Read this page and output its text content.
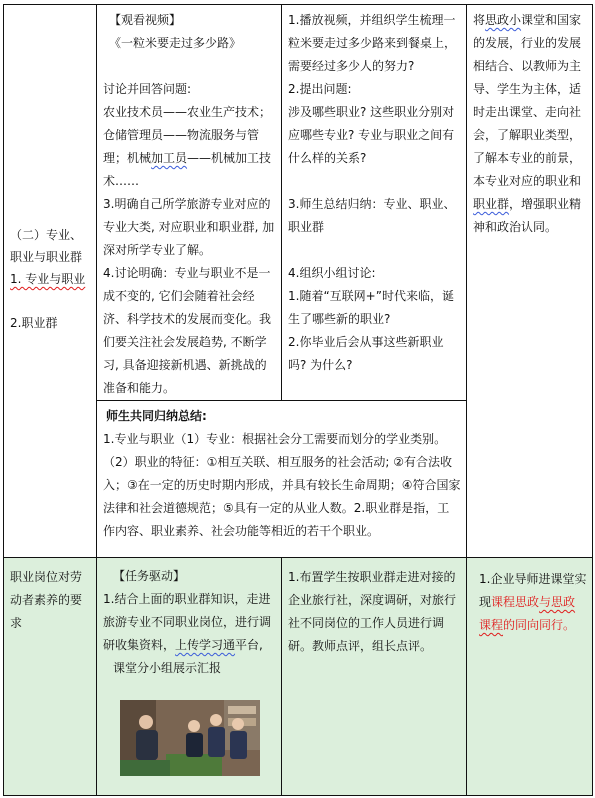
（二）专业、职业与职业群

1. 专业与职业

2.职业群

【观看视频】

《一粒米要走过多少路》

讨论并回答问题:

农业技术员——农业生产技术；仓储管理员——物流服务与管理；机械加工员——机械加工技术……

3.明确自己所学旅游专业对应的专业大类, 对应职业和职业群, 加深对所学专业了解。

4.讨论明确：专业与职业不是一成不变的, 它们会随着社会经济、科学技术的发展而变化。我们要关注社会发展趋势, 不断学习, 具备迎接新机遇、新挑战的准备和能力。

1.播放视频，并组织学生梳理一粒米要走过多少路来到餐桌上，需要经过多少人的努力?

2.提出问题:

涉及哪些职业? 这些职业分别对应哪些专业? 专业与职业之间有什么样的关系?

3.师生总结归纳：专业、职业、职业群

4.组织小组讨论:

1.随着“互联网+”时代来临，诞生了哪些新的职业?

2.你毕业后会从事这些新职业吗? 为什么?

将思政小课堂和国家的发展，行业的发展相结合、以教师为主导、学生为主体，适时走出课堂、走向社会，了解职业类型，了解本专业的前景，本专业对应的职业和职业群，增强职业精神和政治认同。

师生共同归纳总结:

1.专业与职业（1）专业：根据社会分工需要而划分的学业类别。（2）职业的特征：①相互关联、相互服务的社会活动; ②有合法收入；③在一定的历史时期内形成，并具有较长生命周期；④符合国家法律和社会道德规范；⑤具有一定的从业人数。2.职业群是指，工作内容、职业素养、社会功能等相近的若干个职业。

职业岗位对劳动者素养的要求

【任务驱动】

1.结合上面的职业群知识，走进旅游专业不同职业岗位，进行调研收集资料，上传学习通平台,

课堂分小组展示汇报

1.布置学生按职业群走进对接的企业旅行社，深度调研，对旅行社不同岗位的工作人员进行调研。教师点评，组长点评。

1.企业导师进课堂实现课程思政与思政课程的同向同行。
